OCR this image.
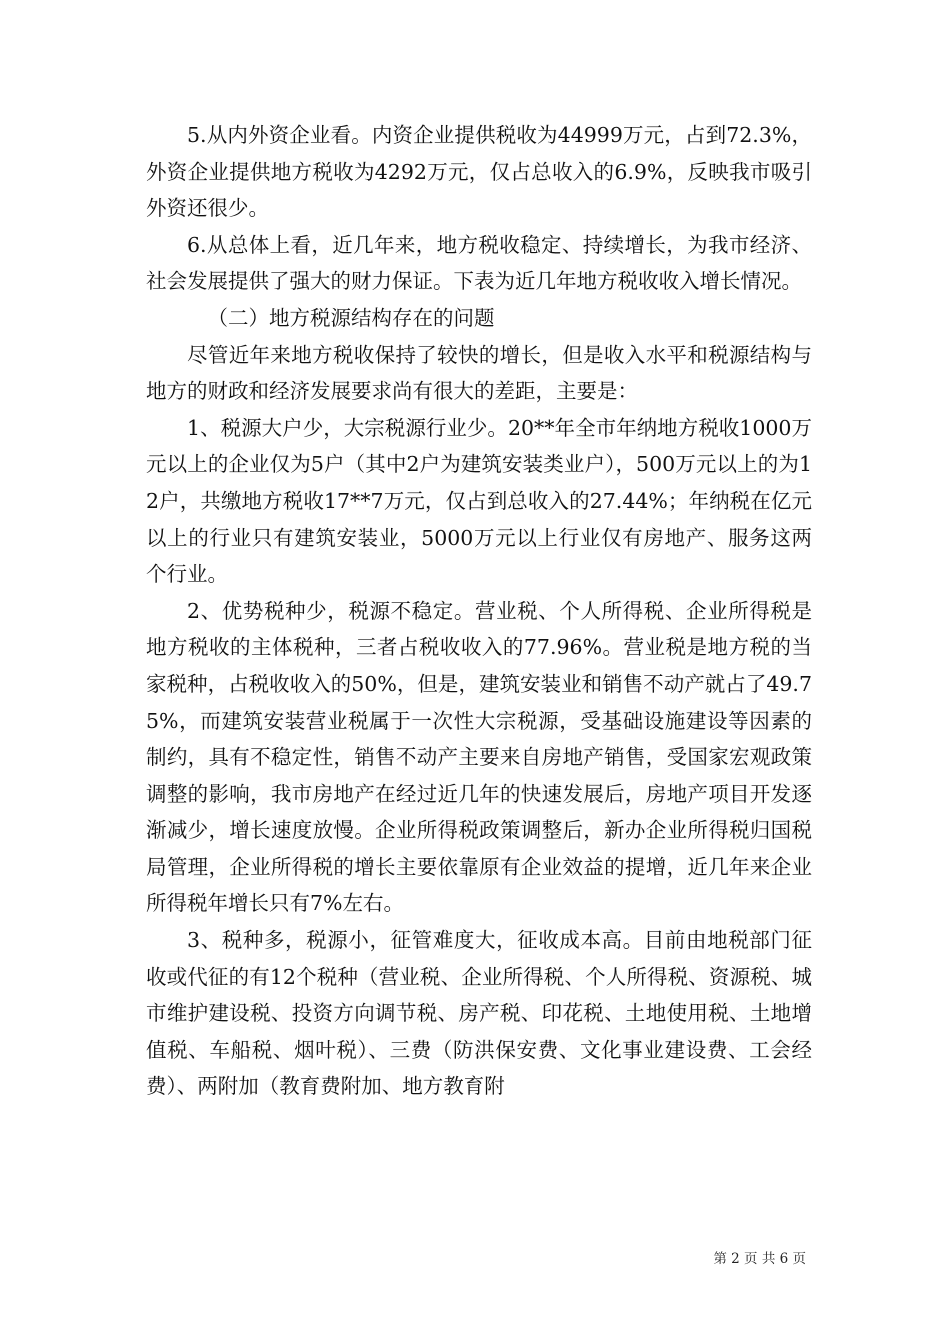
5.从内外资企业看。内资企业提供税收为44999万元，占到72.3%，外资企业提供地方税收为4292万元，仅占总收入的6.9%，反映我市吸引外资还很少。

6.从总体上看，近几年来，地方税收稳定、持续增长，为我市经济、社会发展提供了强大的财力保证。下表为近几年地方税收收入增长情况。

（二）地方税源结构存在的问题

尽管近年来地方税收保持了较快的增长，但是收入水平和税源结构与地方的财政和经济发展要求尚有很大的差距，主要是：

1、税源大户少，大宗税源行业少。20**年全市年纳地方税收1000万元以上的企业仅为5户（其中2户为建筑安装类业户），500万元以上的为12户，共缴地方税收17**7万元，仅占到总收入的27.44%；年纳税在亿元以上的行业只有建筑安装业，5000万元以上行业仅有房地产、服务这两个行业。

2、优势税种少，税源不稳定。营业税、个人所得税、企业所得税是地方税收的主体税种，三者占税收收入的77.96%。营业税是地方税的当家税种，占税收收入的50%，但是，建筑安装业和销售不动产就占了49.75%，而建筑安装营业税属于一次性大宗税源，受基础设施建设等因素的制约，具有不稳定性，销售不动产主要来自房地产销售，受国家宏观政策调整的影响，我市房地产在经过近几年的快速发展后，房地产项目开发逐渐减少，增长速度放慢。企业所得税政策调整后，新办企业所得税归国税局管理，企业所得税的增长主要依靠原有企业效益的提增，近几年来企业所得税年增长只有7%左右。

3、税种多，税源小，征管难度大，征收成本高。目前由地税部门征收或代征的有12个税种（营业税、企业所得税、个人所得税、资源税、城市维护建设税、投资方向调节税、房产税、印花税、土地使用税、土地增值税、车船税、烟叶税）、三费（防洪保安费、文化事业建设费、工会经费）、两附加（教育费附加、地方教育附

第 2 页 共 6 页
